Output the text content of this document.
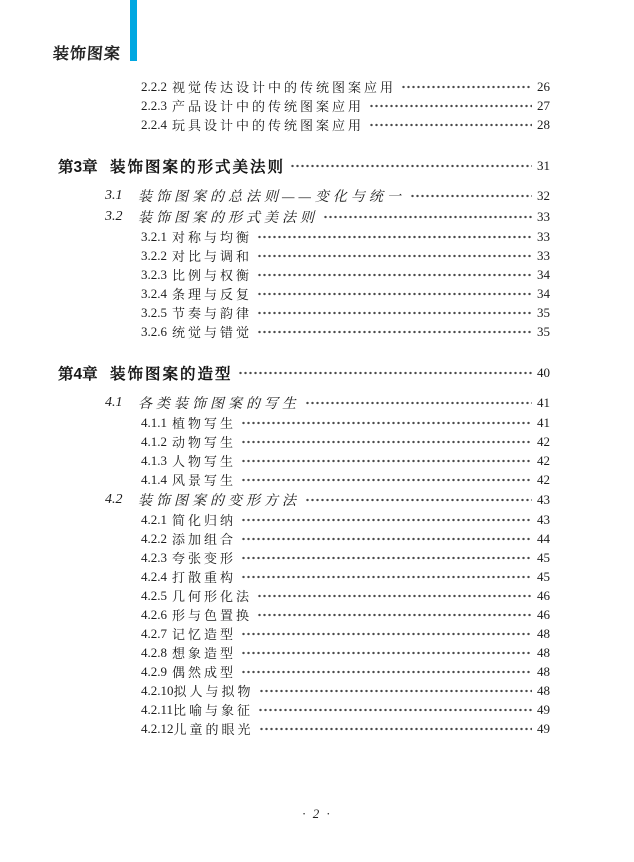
装饰图案
2.2.2 视觉传达设计中的传统图案应用	26
2.2.3 产品设计中的传统图案应用	27
2.2.4 玩具设计中的传统图案应用	28
第3章 装饰图案的形式美法则	31
3.1	装饰图案的总法则——变化与统一	32
3.2	装饰图案的形式美法则	33
3.2.1 对称与均衡	33
3.2.2 对比与调和	33
3.2.3 比例与权衡	34
3.2.4 条理与反复	34
3.2.5 节奏与韵律	35
3.2.6 统觉与错觉	35
第4章 装饰图案的造型	40
4.1	各类装饰图案的写生	41
4.1.1 植物写生	41
4.1.2 动物写生	42
4.1.3 人物写生	42
4.1.4 风景写生	42
4.2	装饰图案的变形方法	43
4.2.1 简化归纳	43
4.2.2 添加组合	44
4.2.3 夸张变形	45
4.2.4 打散重构	45
4.2.5 几何形化法	46
4.2.6 形与色置换	46
4.2.7 记忆造型	48
4.2.8 想象造型	48
4.2.9 偶然成型	48
4.2.10 拟人与拟物	48
4.2.11 比喻与象征	49
4.2.12 儿童的眼光	49
· 2 ·
